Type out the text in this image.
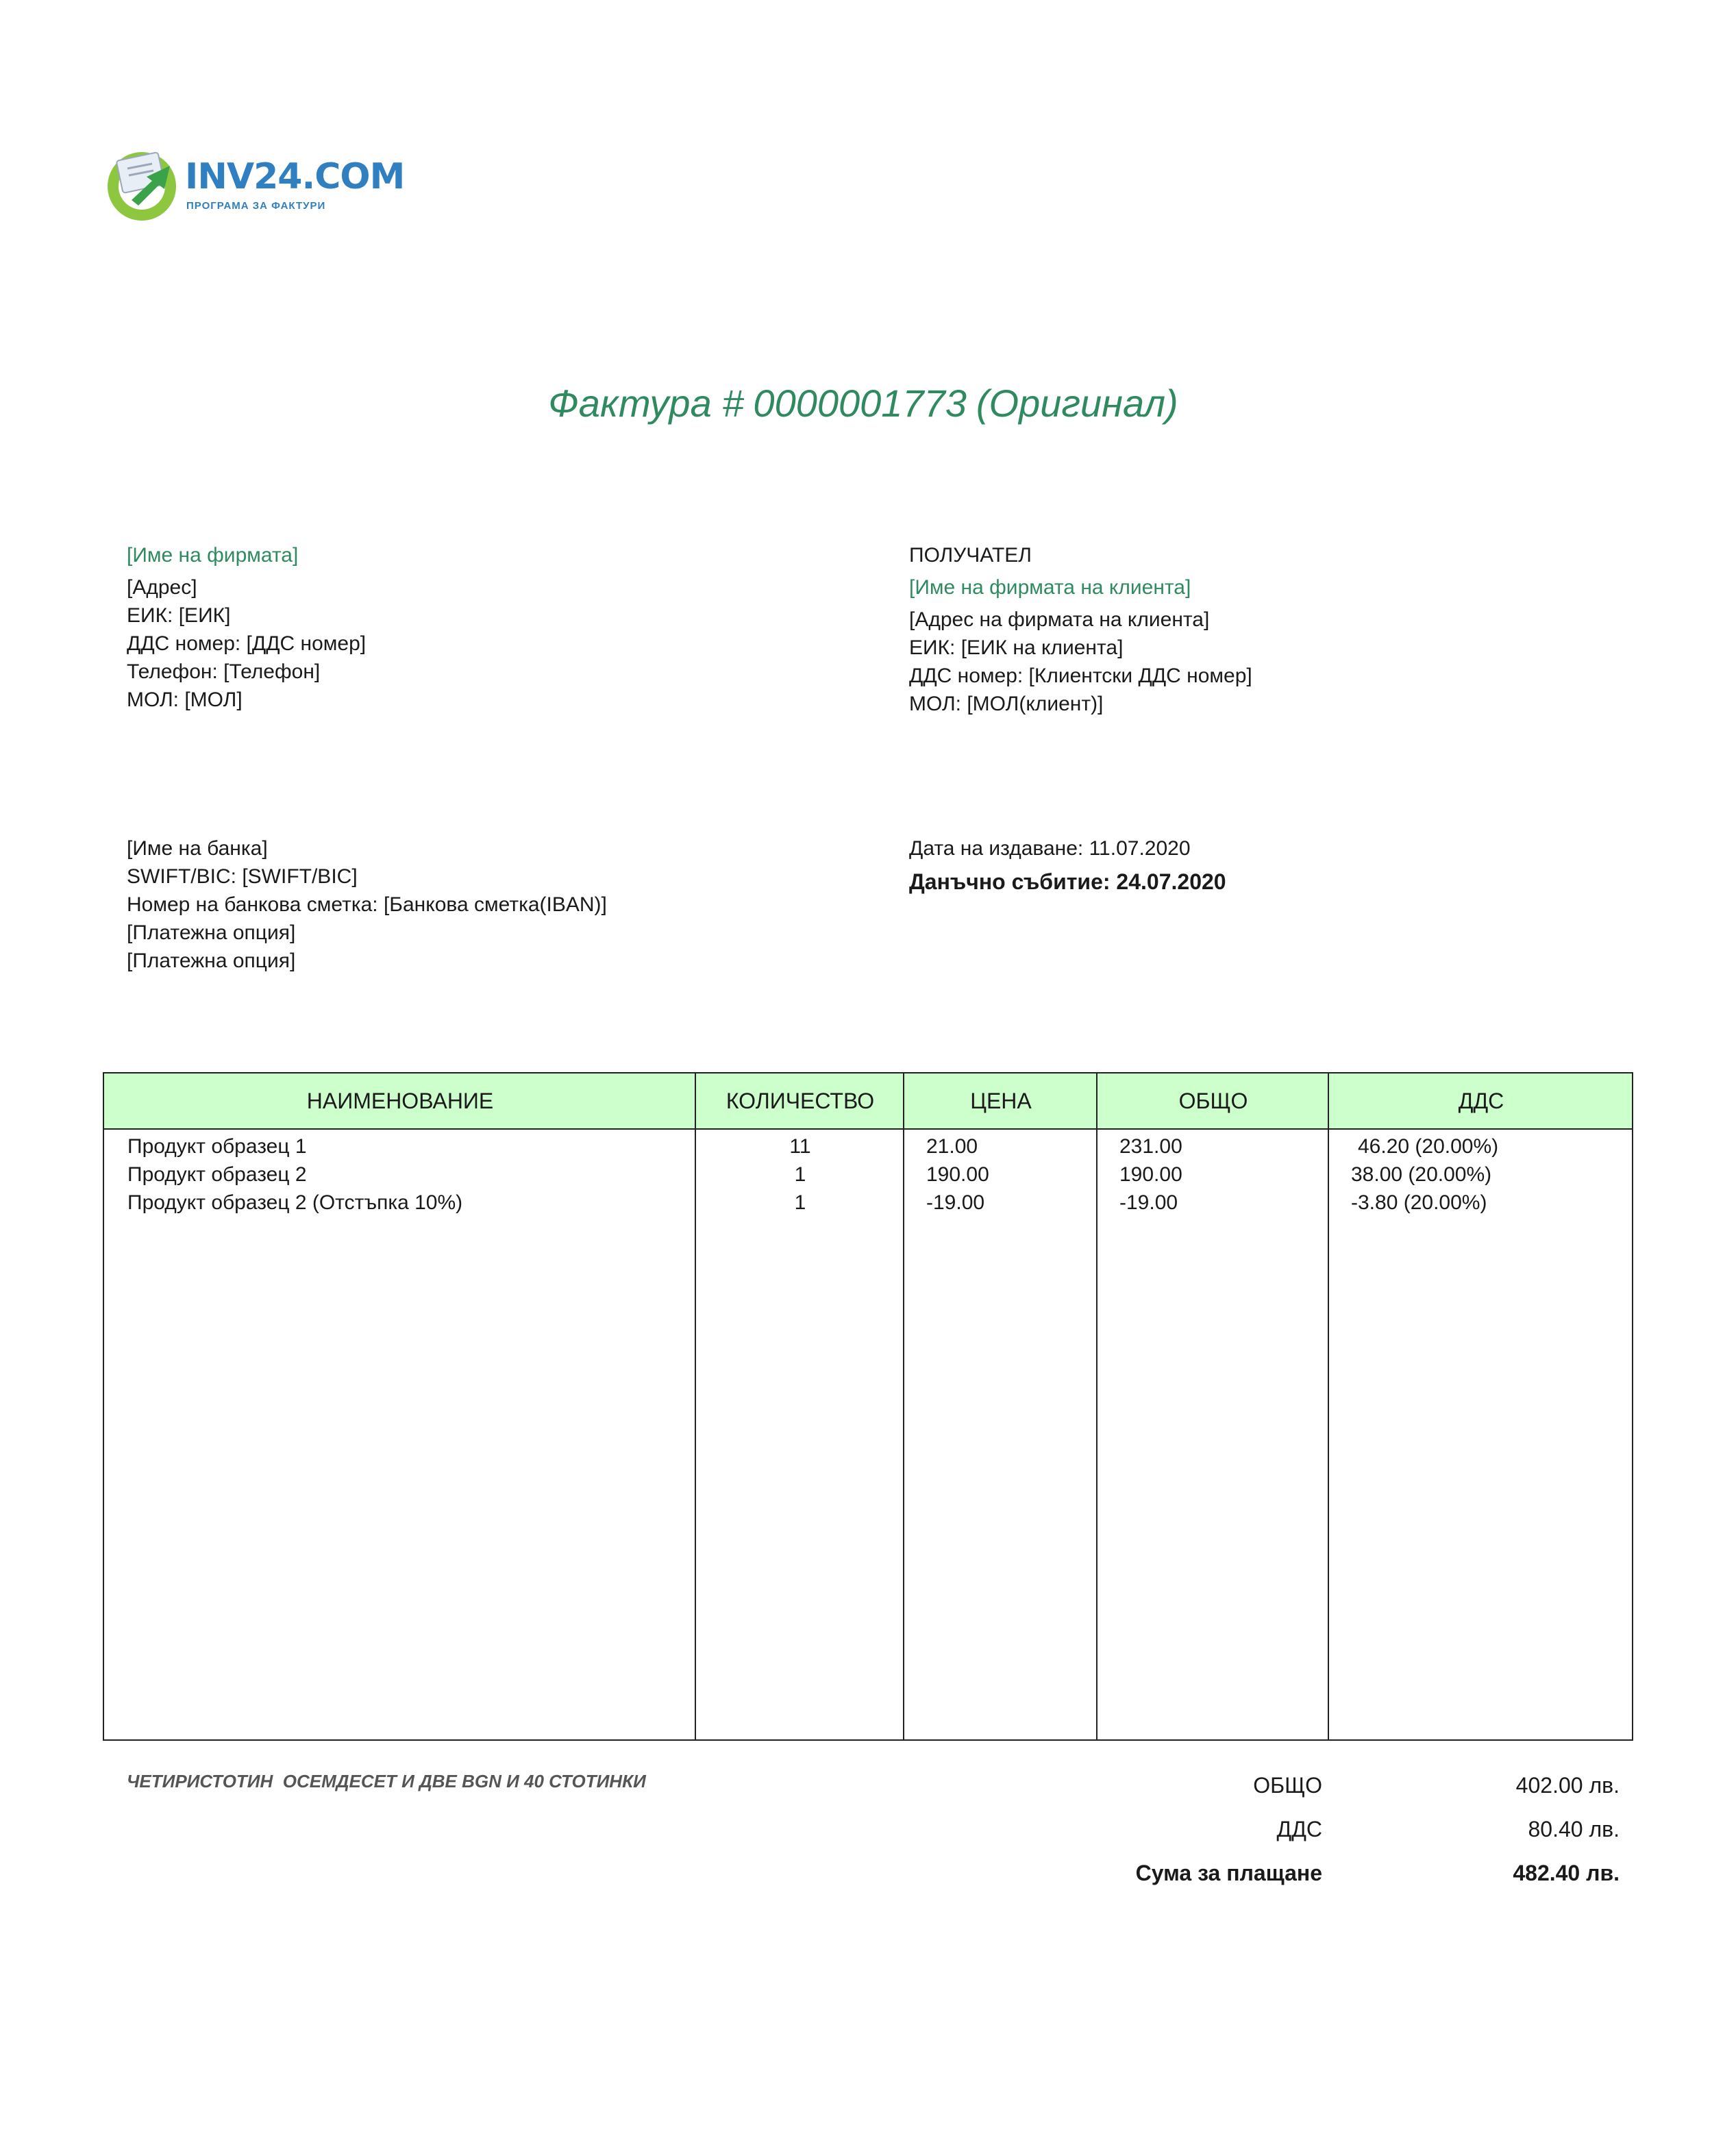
INV24.COM
ПРОГРАМА ЗА ФАКТУРИ
Фактура # 0000001773 (Оригинал)
[Име на фирмата]
[Адрес]
ЕИК: [ЕИК]
ДДС номер: [ДДС номер]
Телефон: [Телефон]
МОЛ: [МОЛ]
ПОЛУЧАТЕЛ
[Име на фирмата на клиента]
[Адрес на фирмата на клиента]
ЕИК: [ЕИК на клиента]
ДДС номер: [Клиентски ДДС номер]
МОЛ: [МОЛ(клиент)]
[Име на банка]
SWIFT/BIC: [SWIFT/BIC]
Номер на банкова сметка: [Банкова сметка(IBAN)]
[Платежна опция]
[Платежна опция]
Дата на издаване: 11.07.2020
Данъчно събитие: 24.07.2020
НАИМЕНОВАНИЕ	КОЛИЧЕСТВО	ЦЕНА	ОБЩО	ДДС
Продукт образец 1	11	21.00	231.00	46.20 (20.00%)
Продукт образец 2	1	190.00	190.00	38.00 (20.00%)
Продукт образец 2 (Отстъпка 10%)	1	-19.00	-19.00	-3.80 (20.00%)
ЧЕТИРИСТОТИН  ОСЕМДЕСЕТ И ДВЕ BGN И 40 СТОТИНКИ	ОБЩО	402.00 лв.
ДДС	80.40 лв.
Сума за плащане	482.40 лв.
